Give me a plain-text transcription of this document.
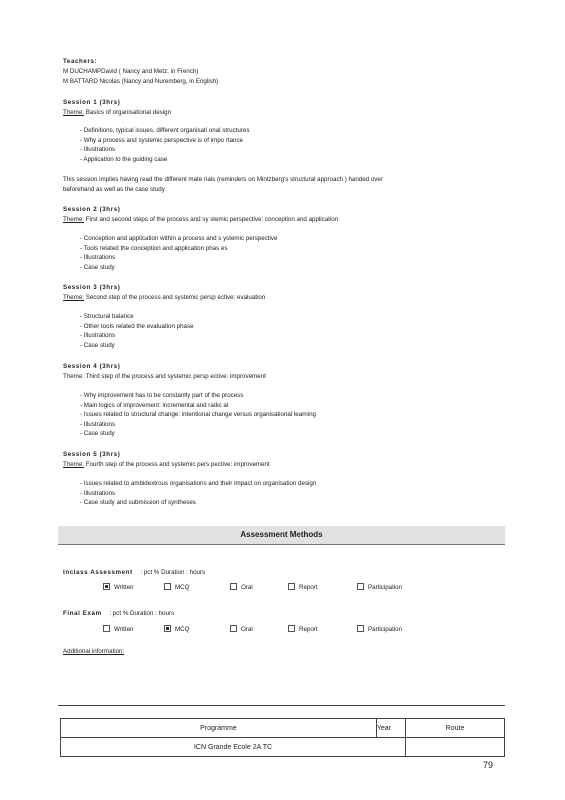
Teachers:
M DUCHAMPDavid ( Nancy and Metz, in French)
M BATTARD Nicolas (Nancy and Nuremberg, in English)
Session 1 (3hrs)
Theme: Basics of organisational design
- Definitions, typical issues, different organisati onal structures
- Why a process and systemic perspective is of impo rtance
- Illustrations
- Application to the guiding case
This session implies having read the different mate rials (reminders on Mintzberg's structural approach ) handed over
beforehand as well as the case study
Session 2 (3hrs)
Theme: First and second steps of the process and sy stemic perspective: conception and application
- Conception and application within a process and s ystemic perspective
- Tools related the conception and application phas es
- Illustrations
- Case study
Session 3 (3hrs)
Theme: Second step of the process and systemic persp ective: evaluation
- Structural balance
- Other tools related the evaluation phase
- Illustrations
- Case study
Session 4 (3hrs)
Theme: Third step of the process and systemic persp ective: improvement
- Why improvement has to be constantly part of the process
- Main logics of improvement: incremental and radic al
- Issues related to structural change: intentional change versus organisational learning
- Illustrations
- Case study
Session 5 (3hrs)
Theme: Fourth step of the process and systemic pers pective: improvement
- Issues related to ambidextrous organisations and their impact on organisation design
- Illustrations
- Case study and submission of syntheses
Assessment Methods
Inclass Assessment : pct % Duration : hours
Written	MCQ	Oral	Report	Participation
Final Exam : pct % Duration : hours
Written	MCQ	Oral	Report	Participation
Additional information:
Programme	Year	Route
ICN Grande Ecole 2A TC		
79
